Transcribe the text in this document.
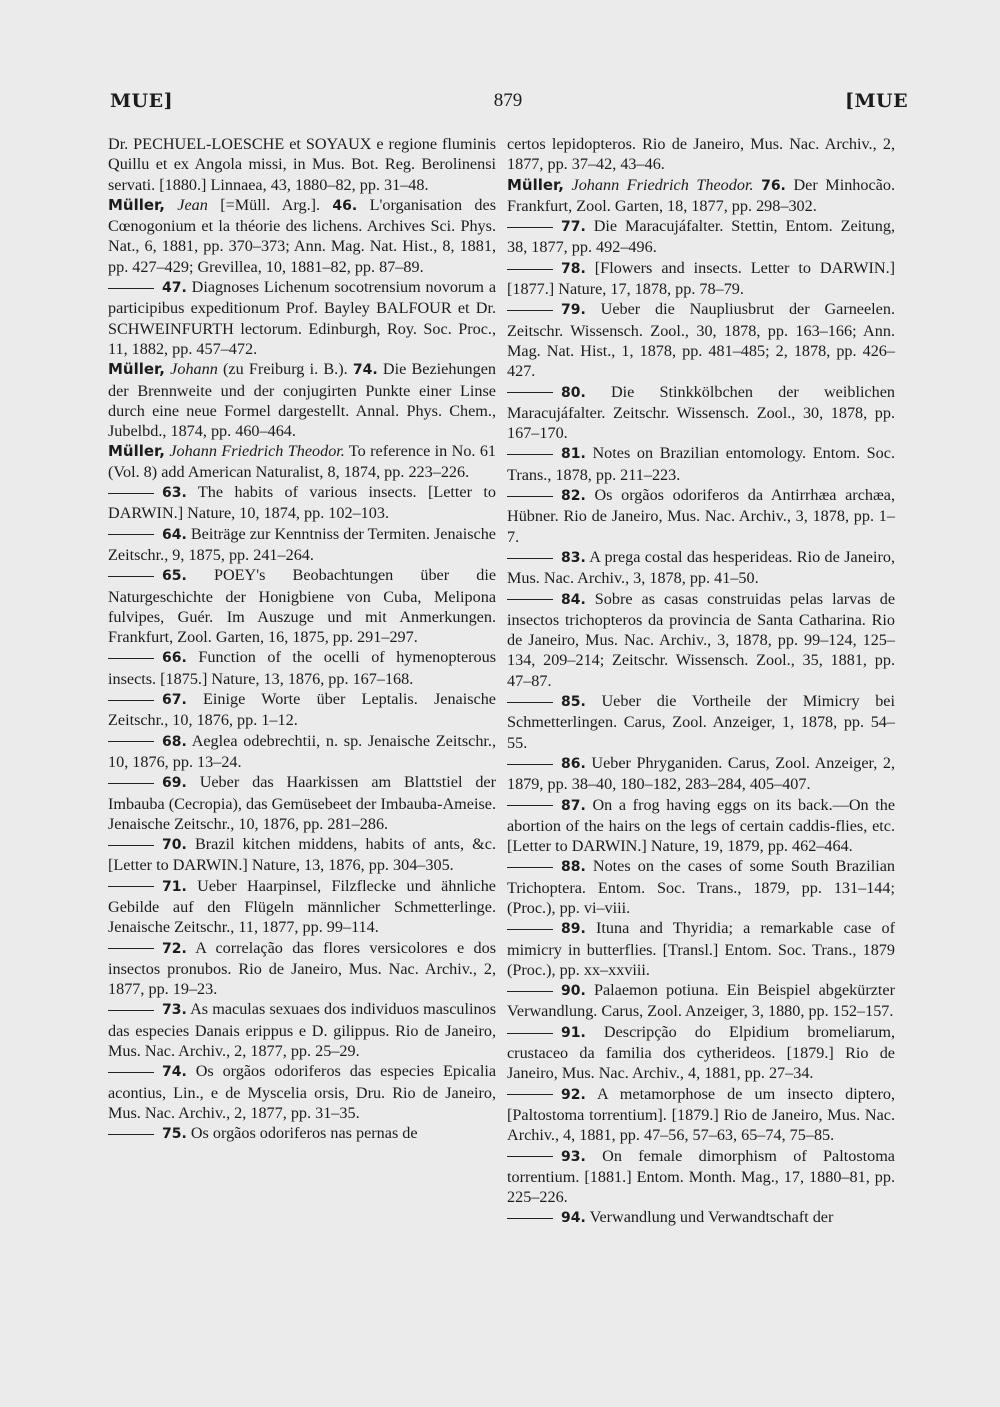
MUE]	879	[MUE

Dr. PECHUEL-LOESCHE et SOYAUX e regione fluminis Quillu et ex Angola missi, in Mus. Bot. Reg. Berolinensi servati. [1880.] Linnaea, 43, 1880–82, pp. 31–48.

Müller, Jean [=Müll. Arg.]. 46. L'organisation des Cœnogonium et la théorie des lichens. Archives Sci. Phys. Nat., 6, 1881, pp. 370–373; Ann. Mag. Nat. Hist., 8, 1881, pp. 427–429; Grevillea, 10, 1881–82, pp. 87–89.

47. Diagnoses Lichenum socotrensium novorum a participibus expeditionum Prof. Bayley BALFOUR et Dr. SCHWEINFURTH lectorum. Edinburgh, Roy. Soc. Proc., 11, 1882, pp. 457–472.

Müller, Johann (zu Freiburg i. B.). 74. Die Beziehungen der Brennweite und der conjugirten Punkte einer Linse durch eine neue Formel dargestellt. Annal. Phys. Chem., Jubelbd., 1874, pp. 460–464.

Müller, Johann Friedrich Theodor. To reference in No. 61 (Vol. 8) add American Naturalist, 8, 1874, pp. 223–226.

63. The habits of various insects. [Letter to DARWIN.] Nature, 10, 1874, pp. 102–103.

64. Beiträge zur Kenntniss der Termiten. Jenaische Zeitschr., 9, 1875, pp. 241–264.

65. POEY's Beobachtungen über die Naturgeschichte der Honigbiene von Cuba, Melipona fulvipes, Guér. Im Auszuge und mit Anmerkungen. Frankfurt, Zool. Garten, 16, 1875, pp. 291–297.

66. Function of the ocelli of hymenopterous insects. [1875.] Nature, 13, 1876, pp. 167–168.

67. Einige Worte über Leptalis. Jenaische Zeitschr., 10, 1876, pp. 1–12.

68. Aeglea odebrechtii, n. sp. Jenaische Zeitschr., 10, 1876, pp. 13–24.

69. Ueber das Haarkissen am Blattstiel der Imbauba (Cecropia), das Gemüsebeet der Imbauba-Ameise. Jenaische Zeitschr., 10, 1876, pp. 281–286.

70. Brazil kitchen middens, habits of ants, &c. [Letter to DARWIN.] Nature, 13, 1876, pp. 304–305.

71. Ueber Haarpinsel, Filzflecke und ähnliche Gebilde auf den Flügeln männlicher Schmetterlinge. Jenaische Zeitschr., 11, 1877, pp. 99–114.

72. A correlação das flores versicolores e dos insectos pronubos. Rio de Janeiro, Mus. Nac. Archiv., 2, 1877, pp. 19–23.

73. As maculas sexuaes dos individuos masculinos das especies Danais erippus e D. gilippus. Rio de Janeiro, Mus. Nac. Archiv., 2, 1877, pp. 25–29.

74. Os orgãos odoriferos das especies Epicalia acontius, Lin., e de Myscelia orsis, Dru. Rio de Janeiro, Mus. Nac. Archiv., 2, 1877, pp. 31–35.

75. Os orgãos odoriferos nas pernas de

certos lepidopteros. Rio de Janeiro, Mus. Nac. Archiv., 2, 1877, pp. 37–42, 43–46.

Müller, Johann Friedrich Theodor. 76. Der Minhocão. Frankfurt, Zool. Garten, 18, 1877, pp. 298–302.

77. Die Maracujáfalter. Stettin, Entom. Zeitung, 38, 1877, pp. 492–496.

78. [Flowers and insects. Letter to DARWIN.] [1877.] Nature, 17, 1878, pp. 78–79.

79. Ueber die Naupliusbrut der Garneelen. Zeitschr. Wissensch. Zool., 30, 1878, pp. 163–166; Ann. Mag. Nat. Hist., 1, 1878, pp. 481–485; 2, 1878, pp. 426–427.

80. Die Stinkkölbchen der weiblichen Maracujáfalter. Zeitschr. Wissensch. Zool., 30, 1878, pp. 167–170.

81. Notes on Brazilian entomology. Entom. Soc. Trans., 1878, pp. 211–223.

82. Os orgãos odoriferos da Antirrhæa archæa, Hübner. Rio de Janeiro, Mus. Nac. Archiv., 3, 1878, pp. 1–7.

83. A prega costal das hesperideas. Rio de Janeiro, Mus. Nac. Archiv., 3, 1878, pp. 41–50.

84. Sobre as casas construidas pelas larvas de insectos trichopteros da provincia de Santa Catharina. Rio de Janeiro, Mus. Nac. Archiv., 3, 1878, pp. 99–124, 125–134, 209–214; Zeitschr. Wissensch. Zool., 35, 1881, pp. 47–87.

85. Ueber die Vortheile der Mimicry bei Schmetterlingen. Carus, Zool. Anzeiger, 1, 1878, pp. 54–55.

86. Ueber Phryganiden. Carus, Zool. Anzeiger, 2, 1879, pp. 38–40, 180–182, 283–284, 405–407.

87. On a frog having eggs on its back.—On the abortion of the hairs on the legs of certain caddis-flies, etc. [Letter to DARWIN.] Nature, 19, 1879, pp. 462–464.

88. Notes on the cases of some South Brazilian Trichoptera. Entom. Soc. Trans., 1879, pp. 131–144; (Proc.), pp. vi–viii.

89. Ituna and Thyridia; a remarkable case of mimicry in butterflies. [Transl.] Entom. Soc. Trans., 1879 (Proc.), pp. xx–xxviii.

90. Palaemon potiuna. Ein Beispiel abgekürzter Verwandlung. Carus, Zool. Anzeiger, 3, 1880, pp. 152–157.

91. Descripção do Elpidium bromeliarum, crustaceo da familia dos cytherideos. [1879.] Rio de Janeiro, Mus. Nac. Archiv., 4, 1881, pp. 27–34.

92. A metamorphose de um insecto diptero, [Paltostoma torrentium]. [1879.] Rio de Janeiro, Mus. Nac. Archiv., 4, 1881, pp. 47–56, 57–63, 65–74, 75–85.

93. On female dimorphism of Paltostoma torrentium. [1881.] Entom. Month. Mag., 17, 1880–81, pp. 225–226.

94. Verwandlung und Verwandtschaft der
